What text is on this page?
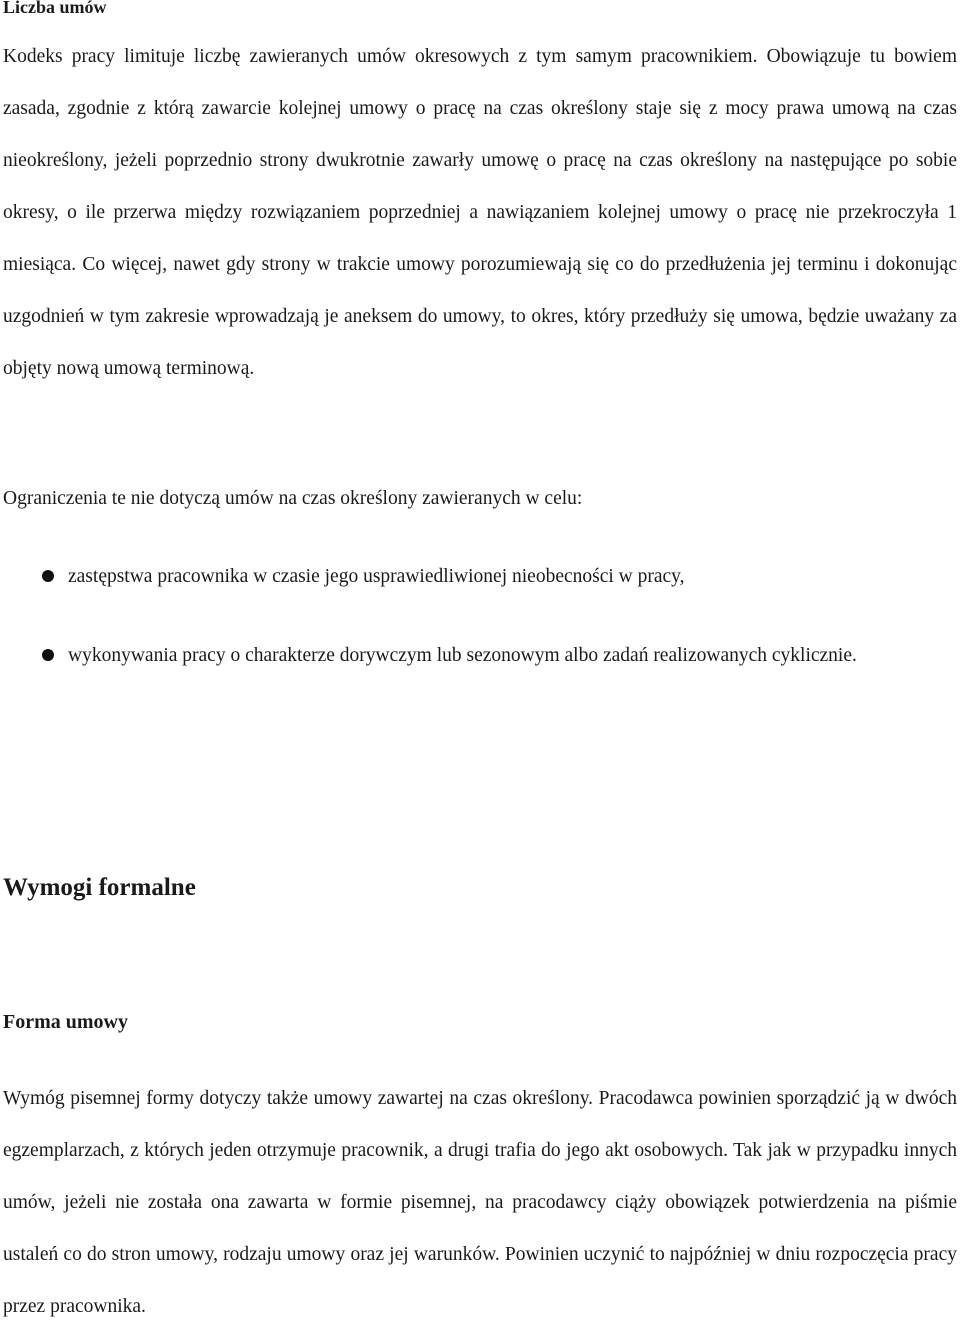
Liczba umów

Kodeks pracy limituje liczbę zawieranych umów okresowych z tym samym pracownikiem. Obowiązuje tu bowiem zasada, zgodnie z którą zawarcie kolejnej umowy o pracę na czas określony staje się z mocy prawa umową na czas nieokreślony, jeżeli poprzednio strony dwukrotnie zawarły umowę o pracę na czas określony na następujące po sobie okresy, o ile przerwa między rozwiązaniem poprzedniej a nawiązaniem kolejnej umowy o pracę nie przekroczyła 1 miesiąca. Co więcej, nawet gdy strony w trakcie umowy porozumiewają się co do przedłużenia jej terminu i dokonując uzgodnień w tym zakresie wprowadzają je aneksem do umowy, to okres, który przedłuży się umowa, będzie uważany za objęty nową umową terminową.

Ograniczenia te nie dotyczą umów na czas określony zawieranych w celu:

zastępstwa pracownika w czasie jego usprawiedliwionej nieobecności w pracy,
wykonywania pracy o charakterze dorywczym lub sezonowym albo zadań realizowanych cyklicznie.
Wymogi formalne
Forma umowy

Wymóg pisemnej formy dotyczy także umowy zawartej na czas określony. Pracodawca powinien sporządzić ją w dwóch egzemplarzach, z których jeden otrzymuje pracownik, a drugi trafia do jego akt osobowych. Tak jak w przypadku innych umów, jeżeli nie została ona zawarta w formie pisemnej, na pracodawcy ciąży obowiązek potwierdzenia na piśmie ustaleń co do stron umowy, rodzaju umowy oraz jej warunków. Powinien uczynić to najpóźniej w dniu rozpoczęcia pracy przez pracownika.
